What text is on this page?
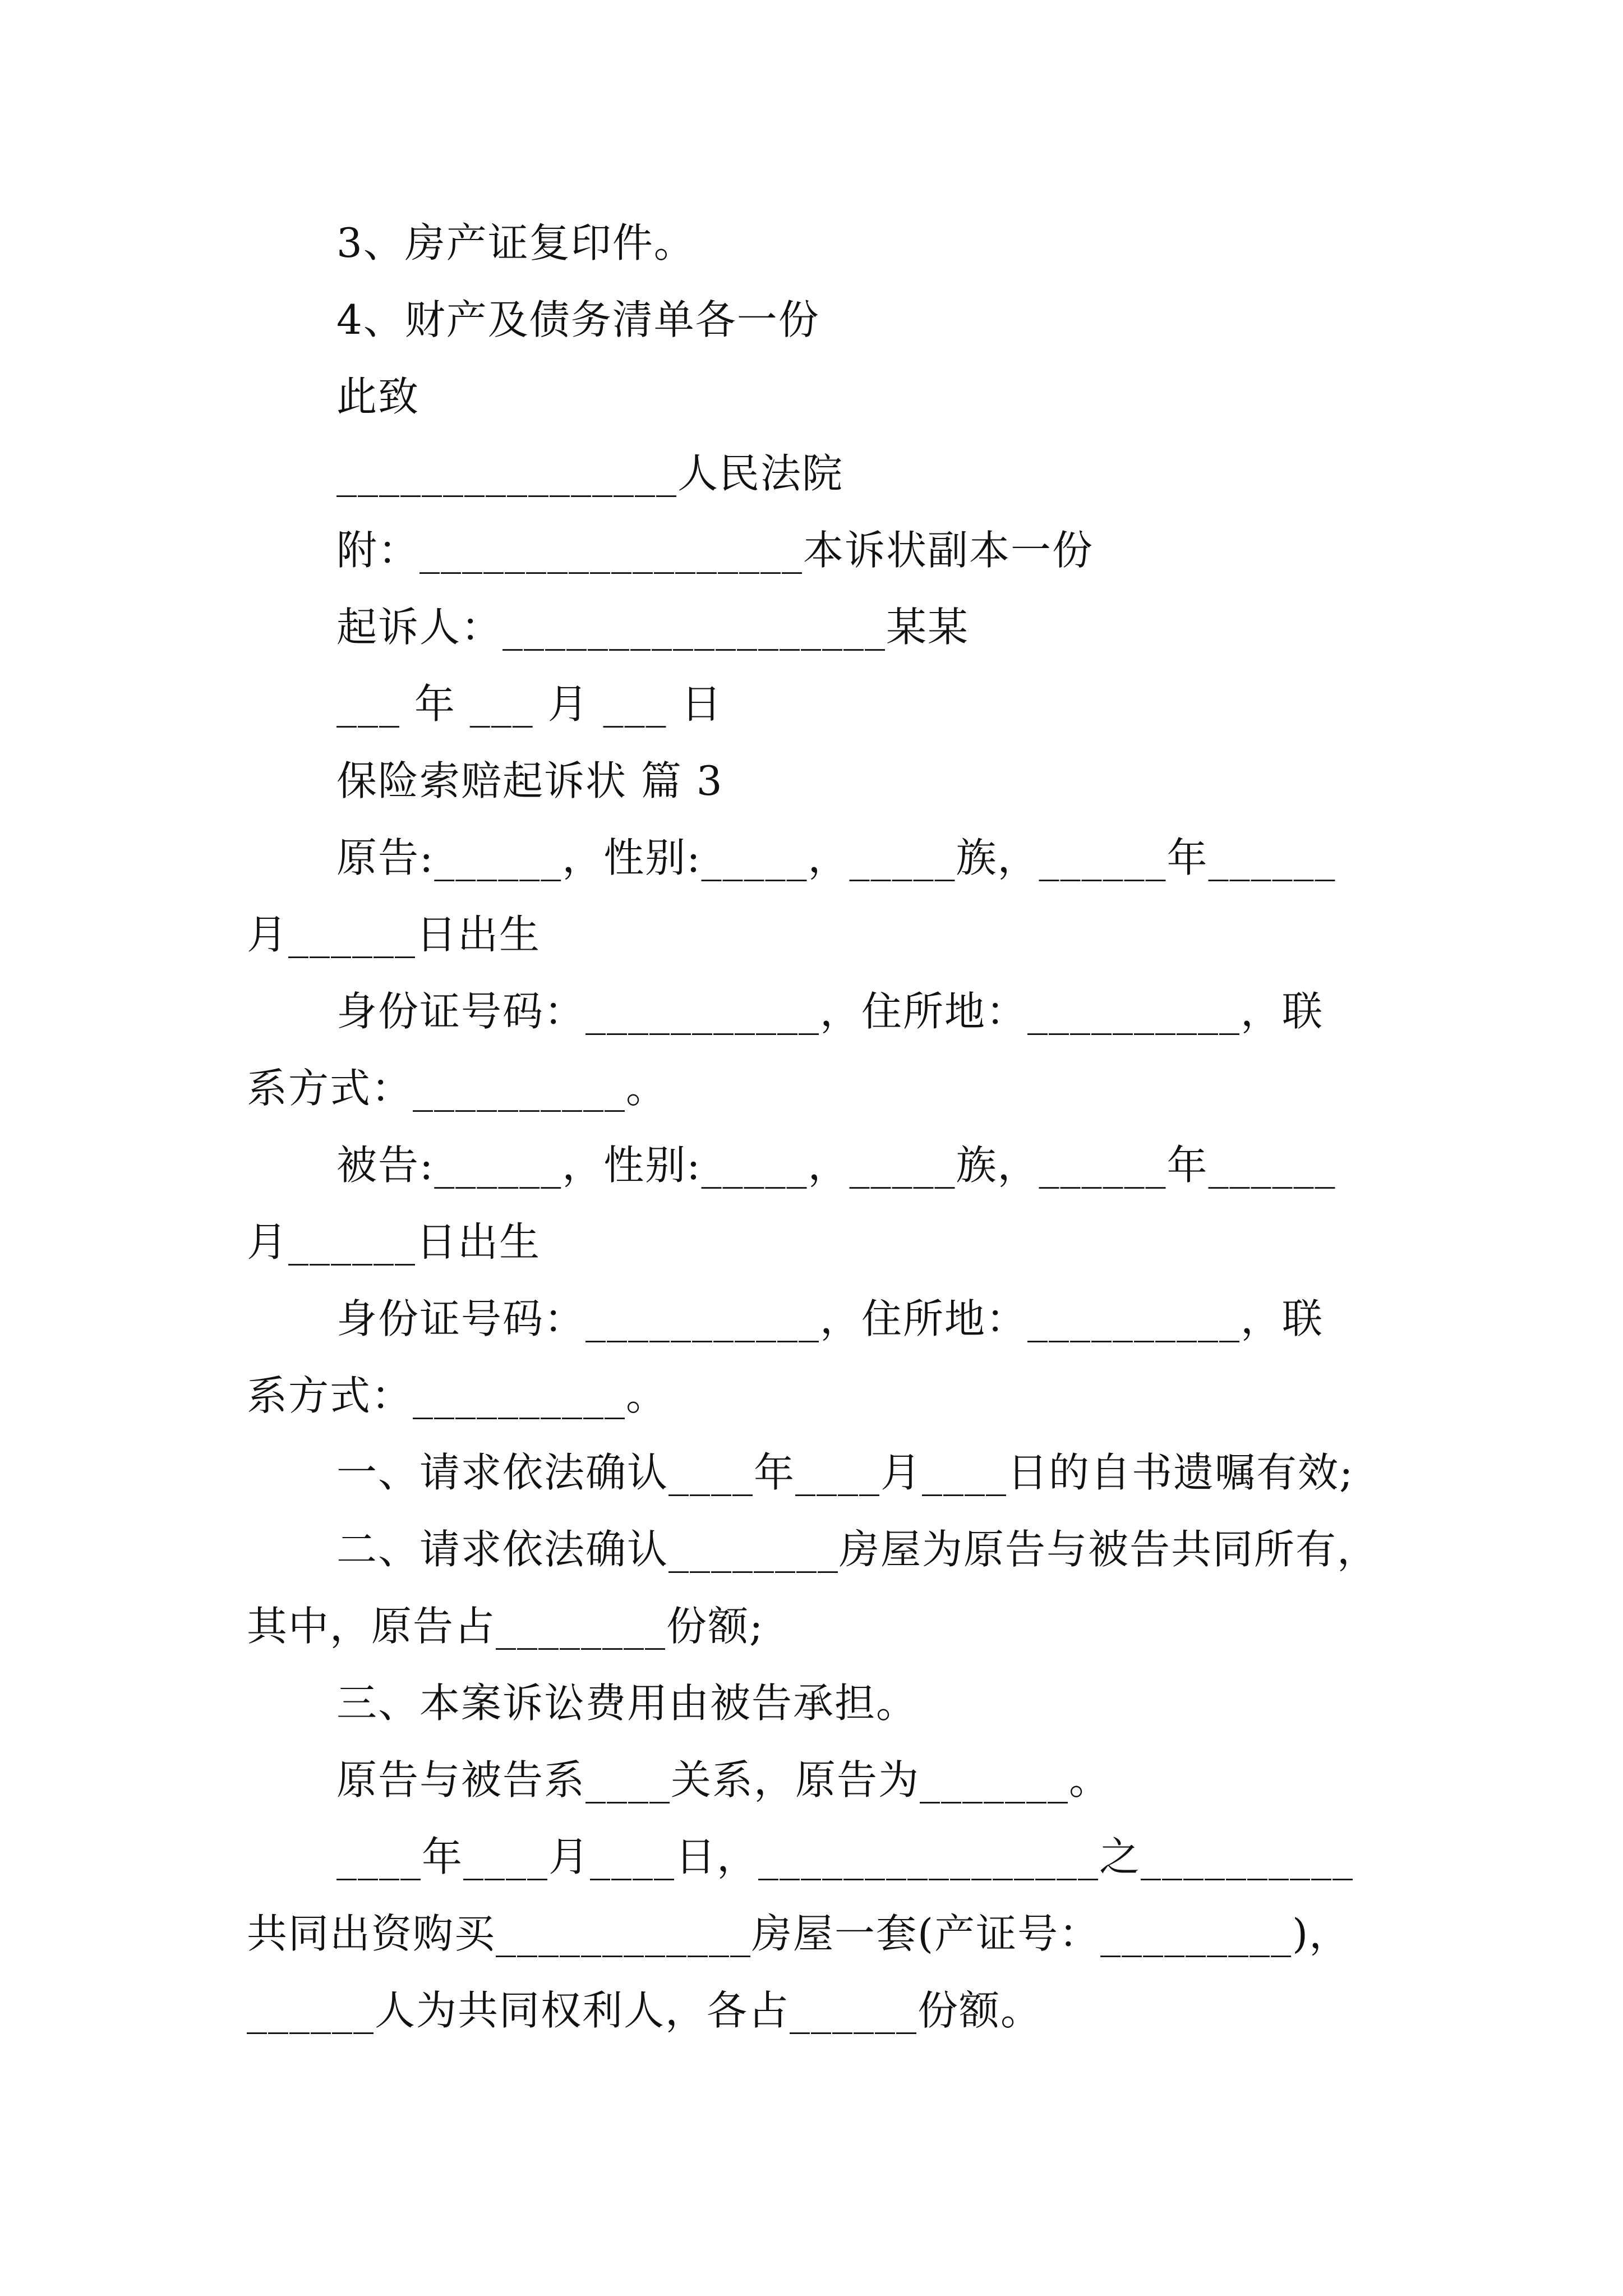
3、房产证复印件。
4、财产及债务清单各一份
此致
________________人民法院
附：__________________本诉状副本一份
起诉人：__________________某某
___ 年 ___ 月 ___ 日
保险索赔起诉状 篇 3
原告:______，性别:_____，_____族，______年______
月______日出生
身份证号码：___________，住所地：__________，联
系方式：__________。
被告:______，性别:_____，_____族，______年______
月______日出生
身份证号码：___________，住所地：__________，联
系方式：__________。
一、请求依法确认____年____月____日的自书遗嘱有效;
二、请求依法确认________房屋为原告与被告共同所有，
其中，原告占________份额;
三、本案诉讼费用由被告承担。
原告与被告系____关系，原告为_______。
____年____月____日，________________之__________
共同出资购买____________房屋一套(产证号：_________)，
______人为共同权利人，各占______份额。
